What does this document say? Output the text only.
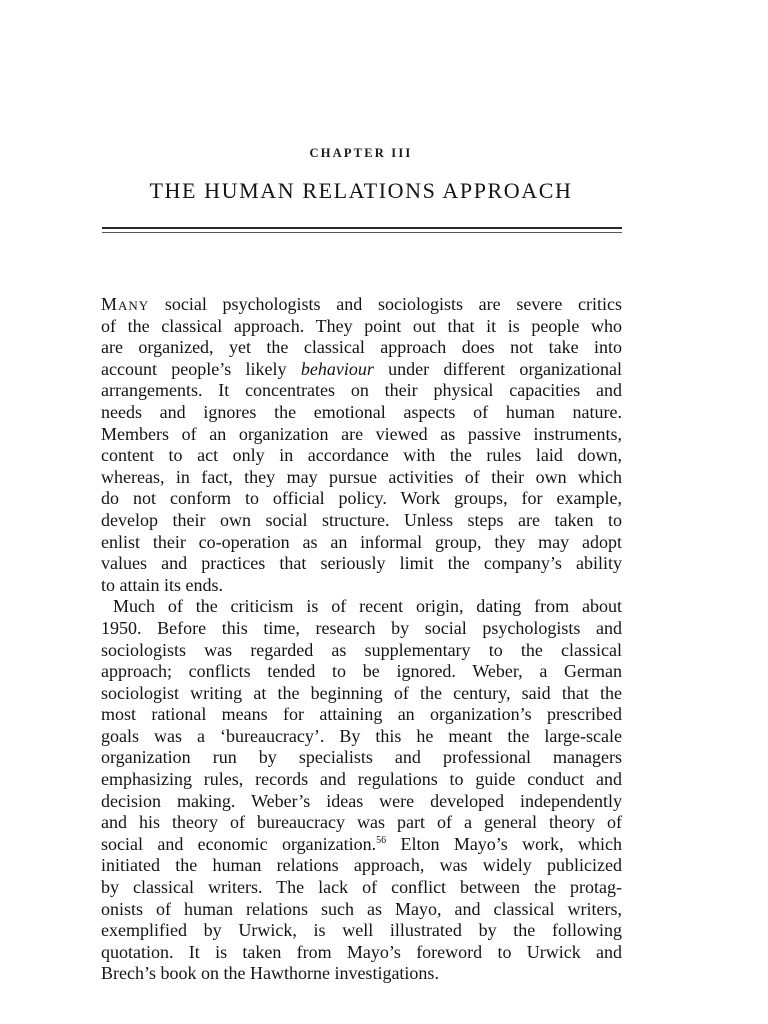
CHAPTER III
THE HUMAN RELATIONS APPROACH
Many social psychologists and sociologists are severe critics
of the classical approach. They point out that it is people who
are organized, yet the classical approach does not take into
account people’s likely behaviour under different organizational
arrangements. It concentrates on their physical capacities and
needs and ignores the emotional aspects of human nature.
Members of an organization are viewed as passive instruments,
content to act only in accordance with the rules laid down,
whereas, in fact, they may pursue activities of their own which
do not conform to official policy. Work groups, for example,
develop their own social structure. Unless steps are taken to
enlist their co-operation as an informal group, they may adopt
values and practices that seriously limit the company’s ability
to attain its ends.
Much of the criticism is of recent origin, dating from about
1950. Before this time, research by social psychologists and
sociologists was regarded as supplementary to the classical
approach; conflicts tended to be ignored. Weber, a German
sociologist writing at the beginning of the century, said that the
most rational means for attaining an organization’s prescribed
goals was a ‘bureaucracy’. By this he meant the large-scale
organization run by specialists and professional managers
emphasizing rules, records and regulations to guide conduct and
decision making. Weber’s ideas were developed independently
and his theory of bureaucracy was part of a general theory of
social and economic organization.$^{56}$ Elton Mayo’s work, which
initiated the human relations approach, was widely publicized
by classical writers. The lack of conflict between the protag-
onists of human relations such as Mayo, and classical writers,
exemplified by Urwick, is well illustrated by the following
quotation. It is taken from Mayo’s foreword to Urwick and
Brech’s book on the Hawthorne investigations.
